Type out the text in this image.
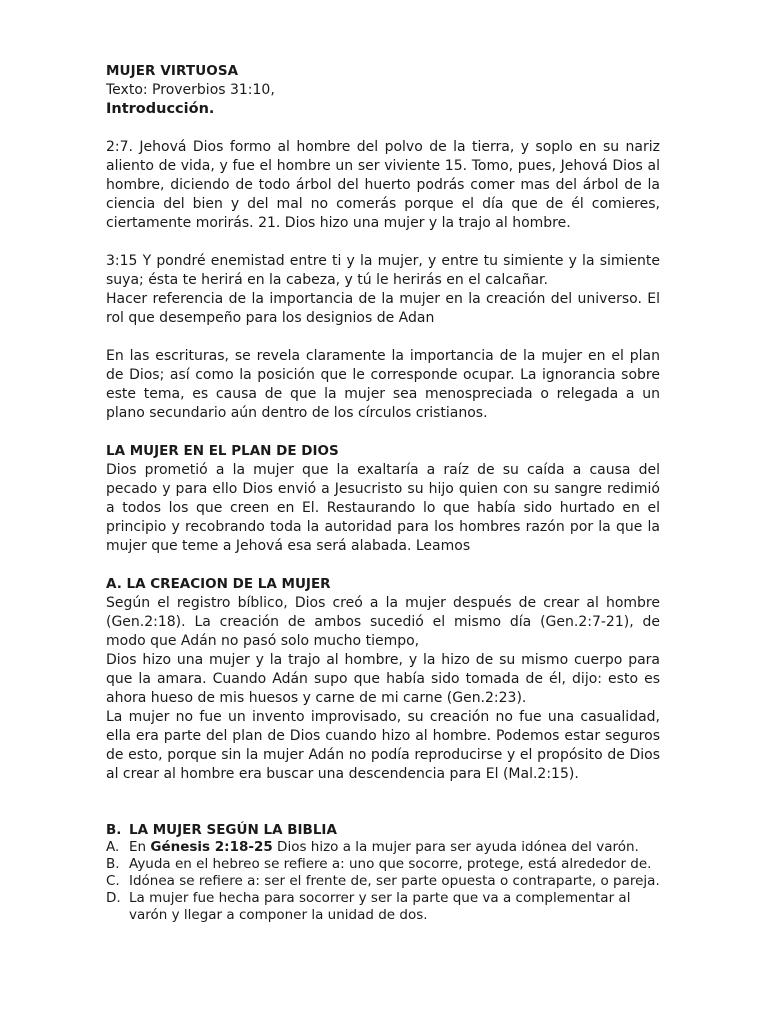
MUJER VIRTUOSA

Texto: Proverbios 31:10,

Introducción.

2:7. Jehová Dios formo al hombre del polvo de la tierra, y soplo en su nariz aliento de vida, y fue el hombre un ser viviente 15. Tomo, pues, Jehová Dios al hombre, diciendo de todo árbol del huerto podrás comer mas del árbol de la ciencia del bien y del mal no comerás porque el día que de él comieres, ciertamente morirás. 21. Dios hizo una mujer y la trajo al hombre.

3:15 Y pondré enemistad entre ti y la mujer, y entre tu simiente y la simiente suya; ésta te herirá en la cabeza, y tú le herirás en el calcañar.

Hacer referencia de la importancia de la mujer en la creación del universo. El rol que desempeño para los designios de Adan

En las escrituras, se revela claramente la importancia de la mujer en el plan de Dios; así como la posición que le corresponde ocupar. La ignorancia sobre este tema, es causa de que la mujer sea menospreciada o relegada a un plano secundario aún dentro de los círculos cristianos.

LA MUJER EN EL PLAN DE DIOS

Dios prometió a la mujer que la exaltaría a raíz de su caída a causa del pecado y para ello Dios envió a Jesucristo su hijo quien con su sangre redimió a todos los que creen en El. Restaurando lo que había sido hurtado en el principio y recobrando toda la autoridad para los hombres razón por la que la mujer que teme a Jehová esa será alabada. Leamos

A. LA CREACION DE LA MUJER

Según el registro bíblico, Dios creó a la mujer después de crear al hombre (Gen.2:18). La creación de ambos sucedió el mismo día (Gen.2:7-21), de modo que Adán no pasó solo mucho tiempo,

Dios hizo una mujer y la trajo al hombre, y la hizo de su mismo cuerpo para que la amara. Cuando Adán supo que había sido tomada de él, dijo: esto es ahora hueso de mis huesos y carne de mi carne (Gen.2:23).

La mujer no fue un invento improvisado, su creación no fue una casualidad, ella era parte del plan de Dios cuando hizo al hombre. Podemos estar seguros de esto, porque sin la mujer Adán no podía reproducirse y el propósito de Dios al crear al hombre era buscar una descendencia para El (Mal.2:15).

B. LA MUJER SEGÚN LA BIBLIA
A. En Génesis 2:18-25 Dios hizo a la mujer para ser ayuda idónea del varón.
B. Ayuda en el hebreo se refiere a: uno que socorre, protege, está alrededor de.
C. Idónea se refiere a: ser el frente de, ser parte opuesta o contraparte, o pareja.
D. La mujer fue hecha para socorrer y ser la parte que va a complementar al varón y llegar a componer la unidad de dos.
